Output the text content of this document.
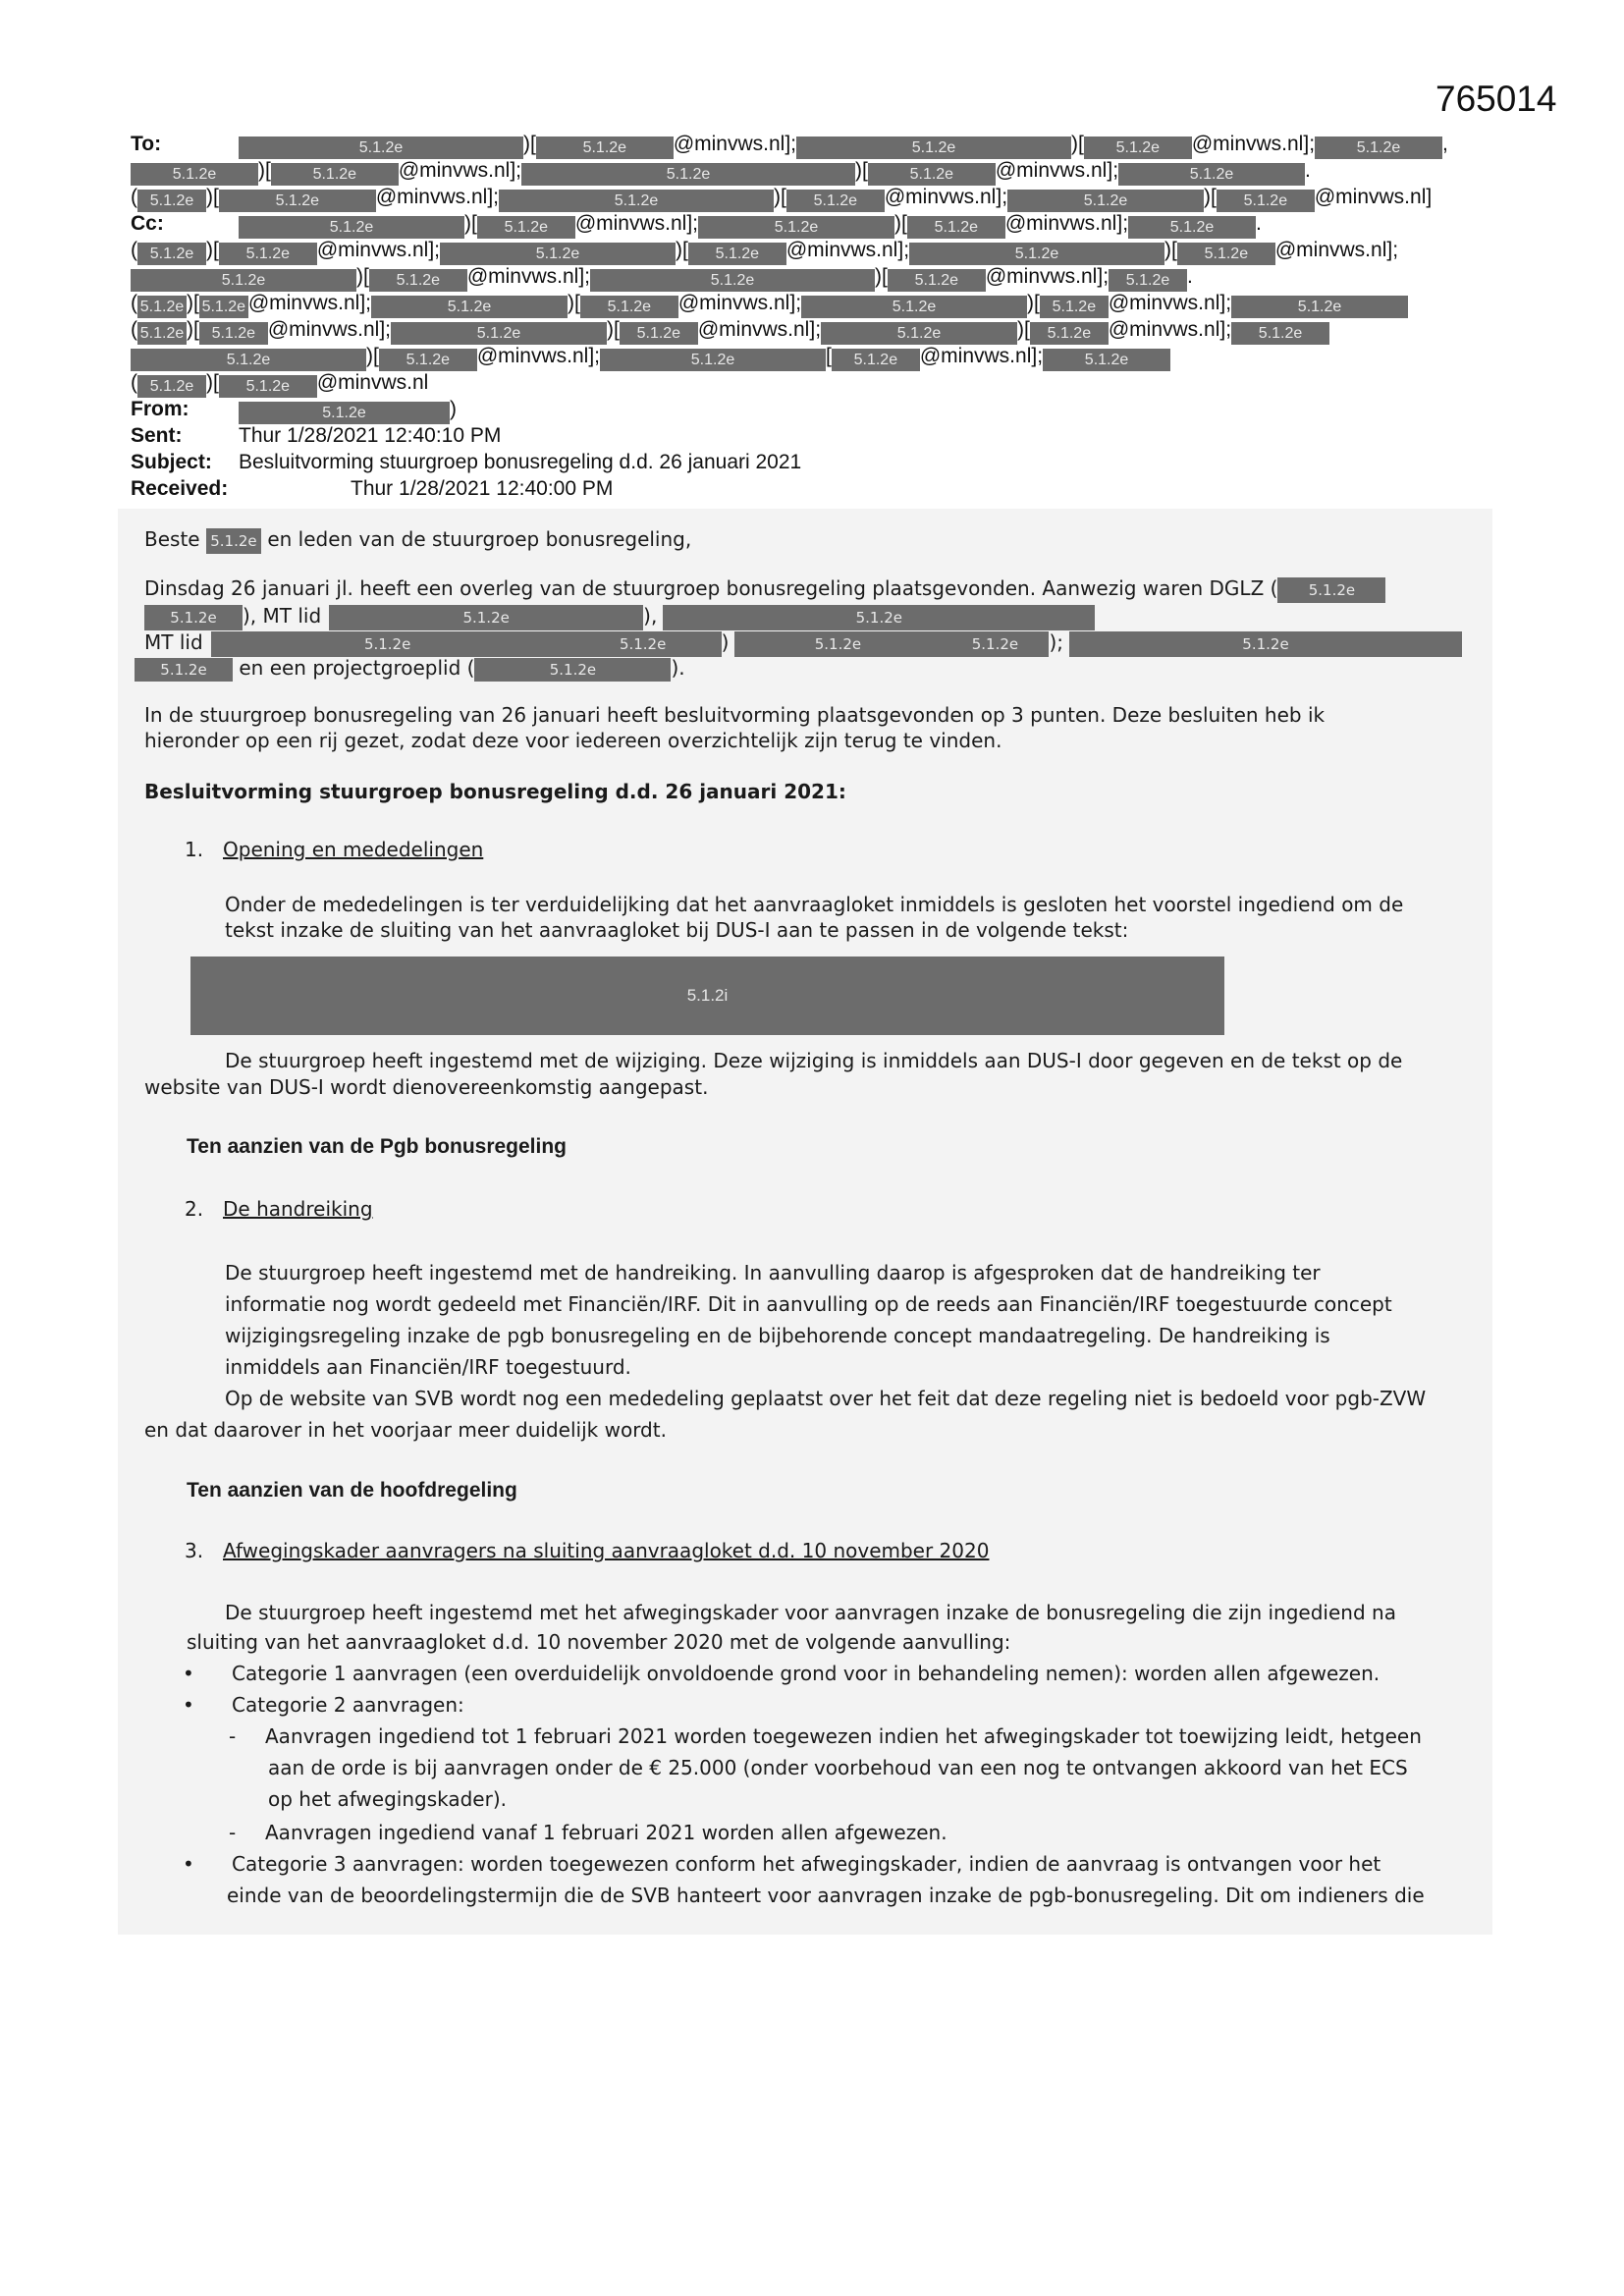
765014
To:	5.1.2e	)[	5.1.2e @minvws.nl];	5.1.2e	)[ 5.1.2e @minvws.nl];	5.1.2e ,
5.1.2e )[	5.1.2e @minvws.nl];	5.1.2e	)[	5.1.2e @minvws.nl];	5.1.2e	.
( 5.1.2e )[	5.1.2e	@minvws.nl];	5.1.2e	)[ 5.1.2e @minvws.nl];	5.1.2e	)[ 5.1.2e @minvws.nl]
Cc:	5.1.2e	)[ 5.1.2e @minvws.nl];	5.1.2e	)[ 5.1.2e @minvws.nl];	5.1.2e .
( 5.1.2e )[ 5.1.2e @minvws.nl];	5.1.2e	)[ 5.1.2e @minvws.nl];	5.1.2e	)[ 5.1.2e @minvws.nl];
5.1.2e	)[ 5.1.2e @minvws.nl];	5.1.2e	)[ 5.1.2e @minvws.nl]; 5.1.2e .
( 5.1.2e )[ 5.1.2e @minvws.nl];	5.1.2e	)[ 5.1.2e @minvws.nl];	5.1.2e	)[ 5.1.2e @minvws.nl];	5.1.2e
( 5.1.2e )[ 5.1.2e @minvws.nl];	5.1.2e	)[ 5.1.2e @minvws.nl];	5.1.2e	)[ 5.1.2e @minvws.nl]; 5.1.2e
5.1.2e	)[ 5.1.2e @minvws.nl];	5.1.2e	[ 5.1.2e @minvws.nl];	5.1.2e
( 5.1.2e )[ 5.1.2e @minvws.nl
From:	5.1.2e	)
Sent:	Thur 1/28/2021 12:40:10 PM
Subject: Besluitvorming stuurgroep bonusregeling d.d. 26 januari 2021
Received:	Thur 1/28/2021 12:40:00 PM
Beste 5.1.2e en leden van de stuurgroep bonusregeling,
Dinsdag 26 januari jl. heeft een overleg van de stuurgroep bonusregeling plaatsgevonden. Aanwezig waren DGLZ ( 5.1.2e
5.1.2e ), MT lid	5.1.2e	),	5.1.2e
MT lid	5.1.2e	5.1.2e	)	5.1.2e	5.1.2e );	5.1.2e
5.1.2e en een projectgroeplid (	5.1.2e	).
In de stuurgroep bonusregeling van 26 januari heeft besluitvorming plaatsgevonden op 3 punten. Deze besluiten heb ik
hieronder op een rij gezet, zodat deze voor iedereen overzichtelijk zijn terug te vinden.
Besluitvorming stuurgroep bonusregeling d.d. 26 januari 2021:
1. Opening en mededelingen
Onder de mededelingen is ter verduidelijking dat het aanvraagloket inmiddels is gesloten het voorstel ingediend om de
tekst inzake de sluiting van het aanvraagloket bij DUS-I aan te passen in de volgende tekst:
5.1.2i
De stuurgroep heeft ingestemd met de wijziging. Deze wijziging is inmiddels aan DUS-I door gegeven en de tekst op de
website van DUS-I wordt dienovereenkomstig aangepast.
Ten aanzien van de Pgb bonusregeling
2. De handreiking
De stuurgroep heeft ingestemd met de handreiking. In aanvulling daarop is afgesproken dat de handreiking ter
informatie nog wordt gedeeld met Financiën/IRF. Dit in aanvulling op de reeds aan Financiën/IRF toegestuurde concept
wijzigingsregeling inzake de pgb bonusregeling en de bijbehorende concept mandaatregeling. De handreiking is
inmiddels aan Financiën/IRF toegestuurd.
Op de website van SVB wordt nog een mededeling geplaatst over het feit dat deze regeling niet is bedoeld voor pgb-ZVW
en dat daarover in het voorjaar meer duidelijk wordt.
Ten aanzien van de hoofdregeling
3. Afwegingskader aanvragers na sluiting aanvraagloket d.d. 10 november 2020
De stuurgroep heeft ingestemd met het afwegingskader voor aanvragen inzake de bonusregeling die zijn ingediend na
sluiting van het aanvraagloket d.d. 10 november 2020 met de volgende aanvulling:
• Categorie 1 aanvragen (een overduidelijk onvoldoende grond voor in behandeling nemen): worden allen afgewezen.
• Categorie 2 aanvragen:
- Aanvragen ingediend tot 1 februari 2021 worden toegewezen indien het afwegingskader tot toewijzing leidt, hetgeen
aan de orde is bij aanvragen onder de € 25.000 (onder voorbehoud van een nog te ontvangen akkoord van het ECS
op het afwegingskader).
- Aanvragen ingediend vanaf 1 februari 2021 worden allen afgewezen.
• Categorie 3 aanvragen: worden toegewezen conform het afwegingskader, indien de aanvraag is ontvangen voor het
einde van de beoordelingstermijn die de SVB hanteert voor aanvragen inzake de pgb-bonusregeling. Dit om indieners die
